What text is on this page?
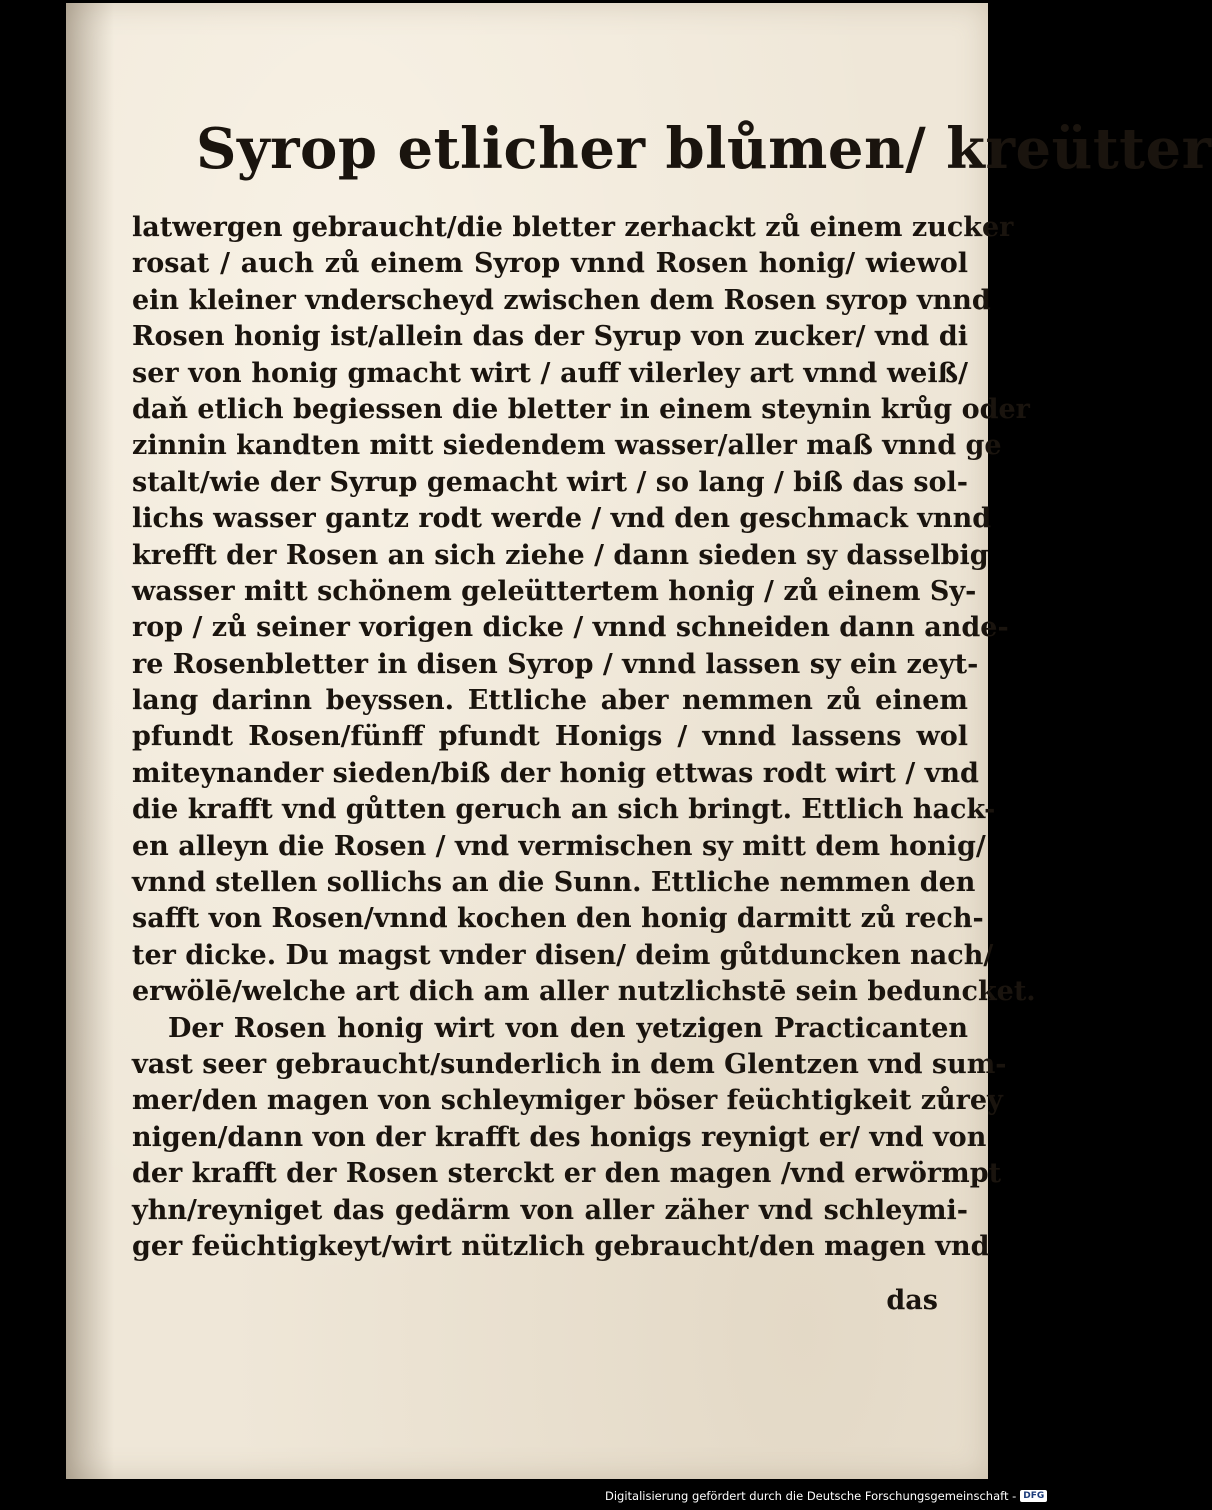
Syrop etlicher blůmen/ kreütter
latwergen gebraucht/die bletter zerhackt zů einem zucker
rosat / auch zů einem Syrop vnnd Rosen honig/ wiewol
ein kleiner vnderscheyd zwischen dem Rosen syrop vnnd
Rosen honig ist/allein das der Syrup von zucker/ vnd di
ser von honig gmacht wirt / auff vilerley art vnnd weiß/
daň etlich begiessen die bletter in einem steynin krůg oder
zinnin kandten mitt siedendem wasser/aller maß vnnd ge
stalt/wie der Syrup gemacht wirt / so lang / biß das sol-
lichs wasser gantz rodt werde / vnd den geschmack vnnd
krefft der Rosen an sich ziehe / dann sieden sy dasselbig
wasser mitt schönem geleüttertem honig / zů einem Sy-
rop / zů seiner vorigen dicke / vnnd schneiden dann ande-
re Rosenbletter in disen Syrop / vnnd lassen sy ein zeyt-
lang darinn beyssen. Ettliche aber nemmen zů einem
pfundt Rosen/fünff pfundt Honigs / vnnd lassens wol
miteynander sieden/biß der honig ettwas rodt wirt / vnd
die krafft vnd gůtten geruch an sich bringt. Ettlich hack-
en alleyn die Rosen / vnd vermischen sy mitt dem honig/
vnnd stellen sollichs an die Sunn. Ettliche nemmen den
safft von Rosen/vnnd kochen den honig darmitt zů rech-
ter dicke. Du magst vnder disen/ deim gůtduncken nach/
erwölē/welche art dich am aller nutzlichstē sein beduncket.
Der Rosen honig wirt von den yetzigen Practicanten
vast seer gebraucht/sunderlich in dem Glentzen vnd sum-
mer/den magen von schleymiger böser feüchtigkeit zůrey
nigen/dann von der krafft des honigs reynigt er/ vnd von
der krafft der Rosen sterckt er den magen /vnd erwörmpt
yhn/reyniget das gedärm von aller zäher vnd schleymi-
ger feüchtigkeyt/wirt nützlich gebraucht/den magen vnd
das
Digitalisierung gefördert durch die Deutsche Forschungsgemeinschaft - DFG
